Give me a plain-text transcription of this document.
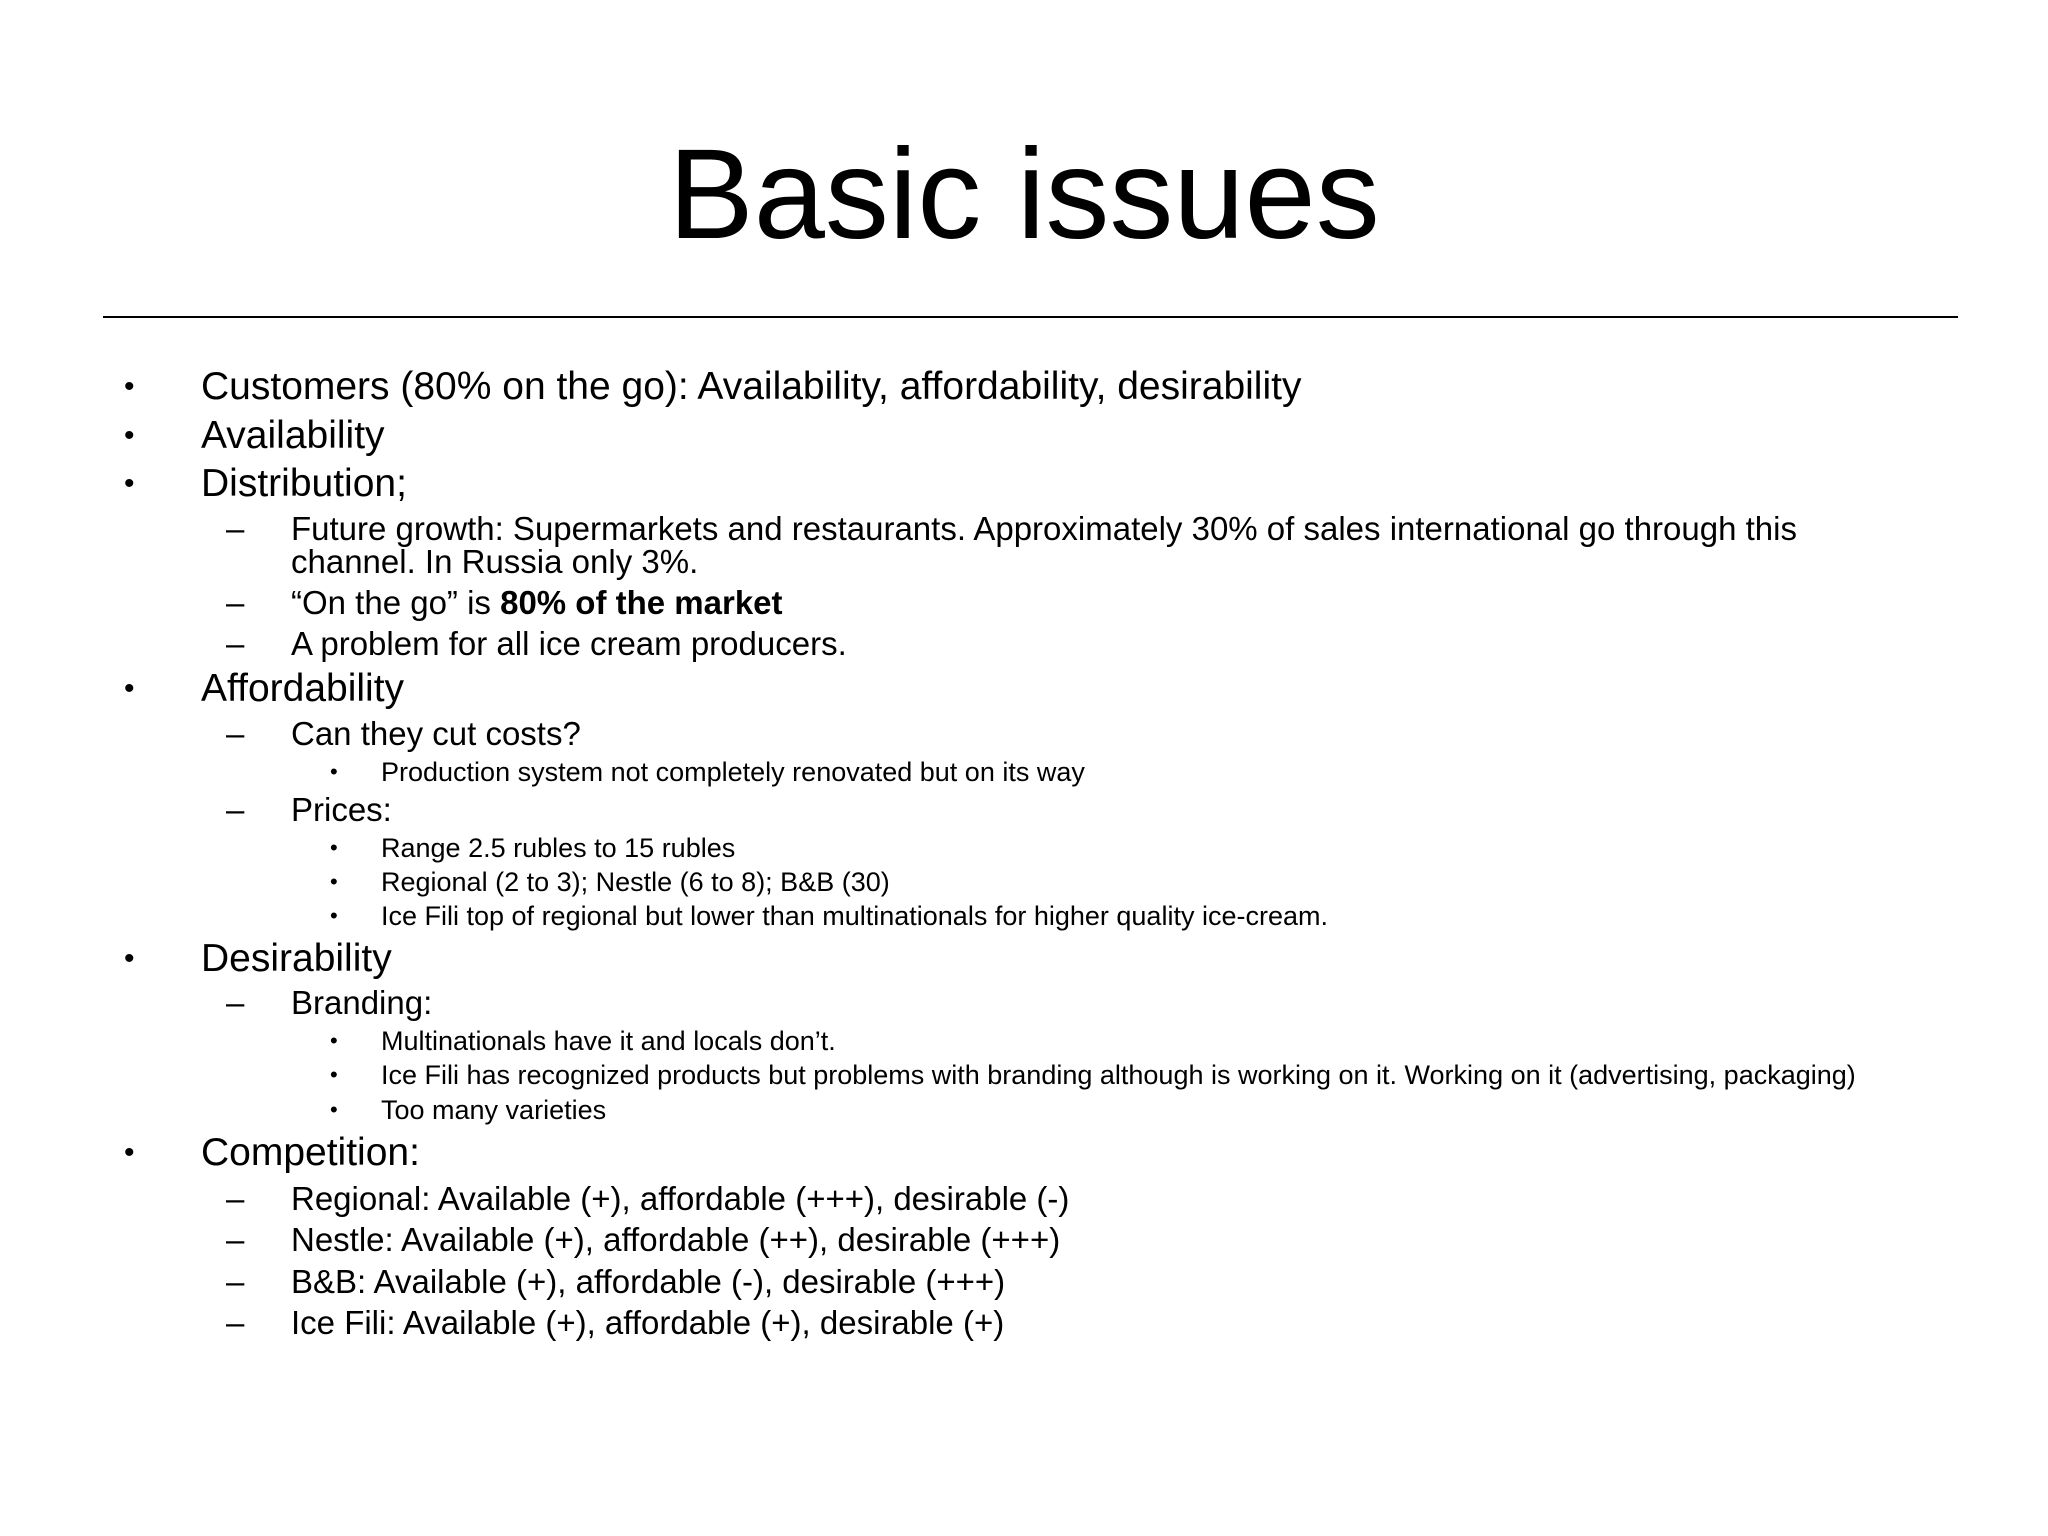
Basic issues
• Customers (80% on the go): Availability, affordability, desirability
• Availability
• Distribution;
– Future growth: Supermarkets and restaurants. Approximately 30% of sales international go through this
channel. In Russia only 3%.
– “On the go” is 80% of the market
– A problem for all ice cream producers.
• Affordability
– Can they cut costs?
• Production system not completely renovated but on its way
– Prices:
• Range 2.5 rubles to 15 rubles
• Regional (2 to 3); Nestle (6 to 8); B&B (30)
• Ice Fili top of regional but lower than multinationals for higher quality ice-cream.
• Desirability
– Branding:
• Multinationals have it and locals don’t.
• Ice Fili has recognized products but problems with branding although is working on it. Working on it (advertising, packaging)
• Too many varieties
• Competition:
– Regional: Available (+), affordable (+++), desirable (-)
– Nestle: Available (+), affordable (++), desirable (+++)
– B&B: Available (+), affordable (-), desirable (+++)
– Ice Fili: Available (+), affordable (+), desirable (+)
